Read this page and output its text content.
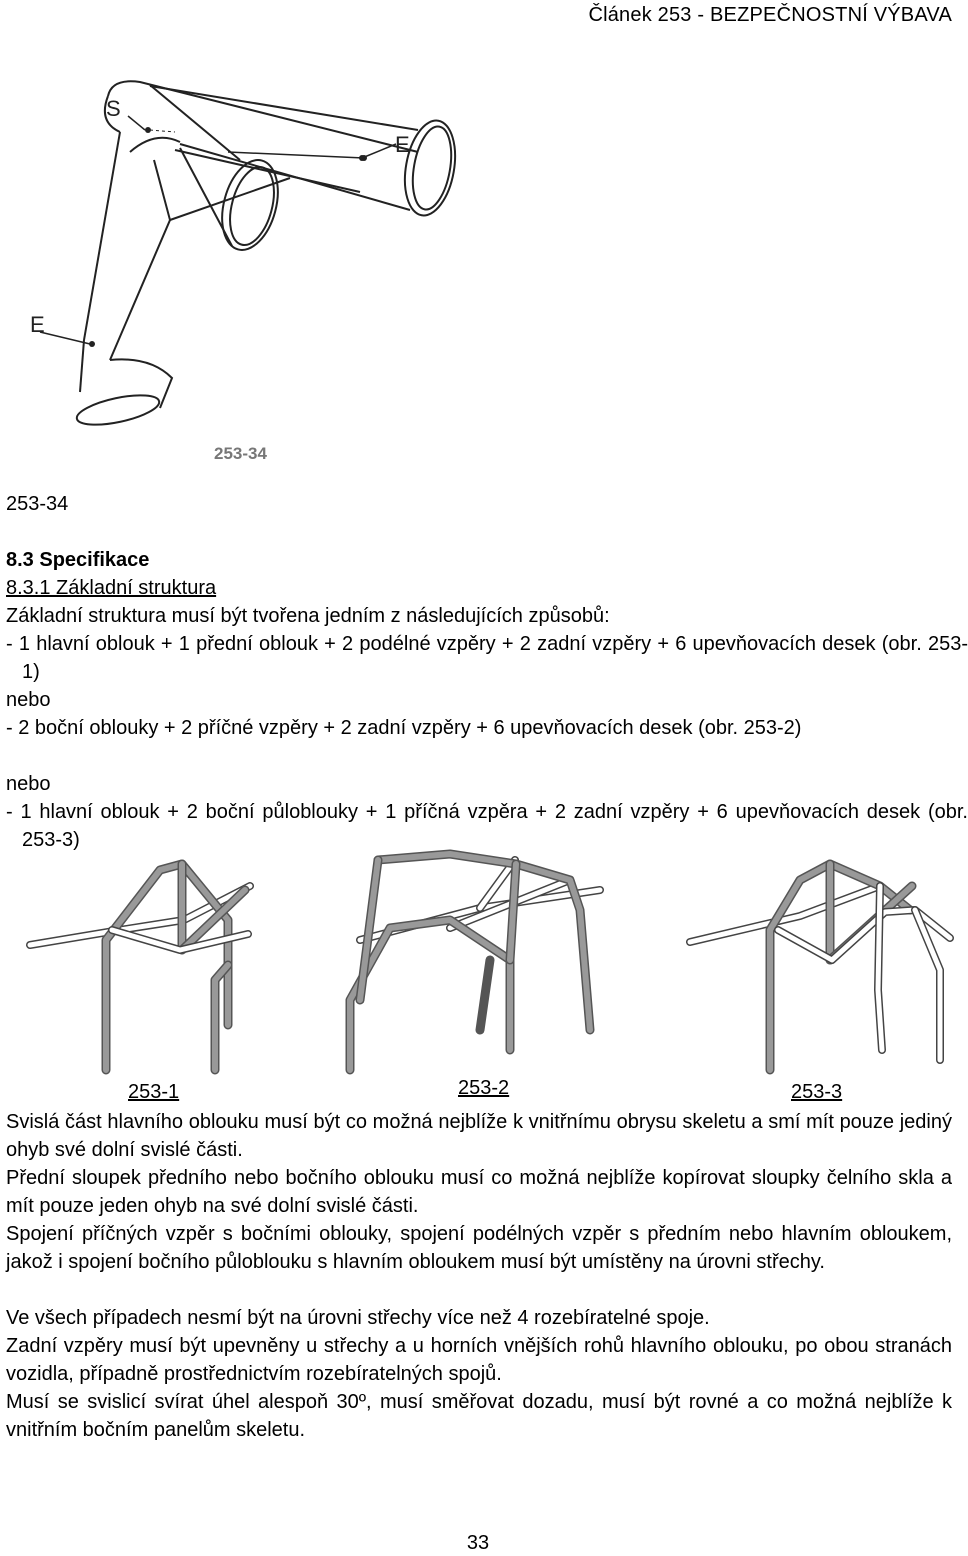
Článek 253 - BEZPEČNOSTNÍ VÝBAVA
S
E
E
253-34
253-34
8.3 Specifikace
8.3.1 Základní struktura
Základní struktura musí být tvořena jedním z následujících způsobů:
- 1 hlavní oblouk + 1 přední oblouk + 2 podélné vzpěry + 2 zadní vzpěry + 6 upevňovacích desek (obr. 253-1)
nebo
- 2 boční oblouky + 2 příčné vzpěry + 2 zadní vzpěry + 6 upevňovacích desek (obr. 253-2)
nebo
- 1 hlavní oblouk + 2 boční půloblouky + 1 příčná vzpěra + 2 zadní vzpěry + 6 upevňovacích desek (obr. 253-3)
253-1	253-2	253-3
Svislá část hlavního oblouku musí být co možná nejblíže k vnitřnímu obrysu skeletu a smí mít pouze jediný ohyb své dolní svislé části.
Přední sloupek předního nebo bočního oblouku musí co možná nejblíže kopírovat sloupky čelního skla a mít pouze jeden ohyb na své dolní svislé části.
Spojení příčných vzpěr s bočními oblouky, spojení podélných vzpěr s předním nebo hlavním obloukem, jakož i spojení bočního půloblouku s hlavním obloukem musí být umístěny na úrovni střechy.
Ve všech případech nesmí být na úrovni střechy více než 4 rozebíratelné spoje.
Zadní vzpěry musí být upevněny u střechy a u horních vnějších rohů hlavního oblouku, po obou stranách vozidla, případně prostřednictvím rozebíratelných spojů.
Musí se svislicí svírat úhel alespoň 30º, musí směřovat dozadu, musí být rovné a co možná nejblíže k vnitřním bočním panelům skeletu.
33
